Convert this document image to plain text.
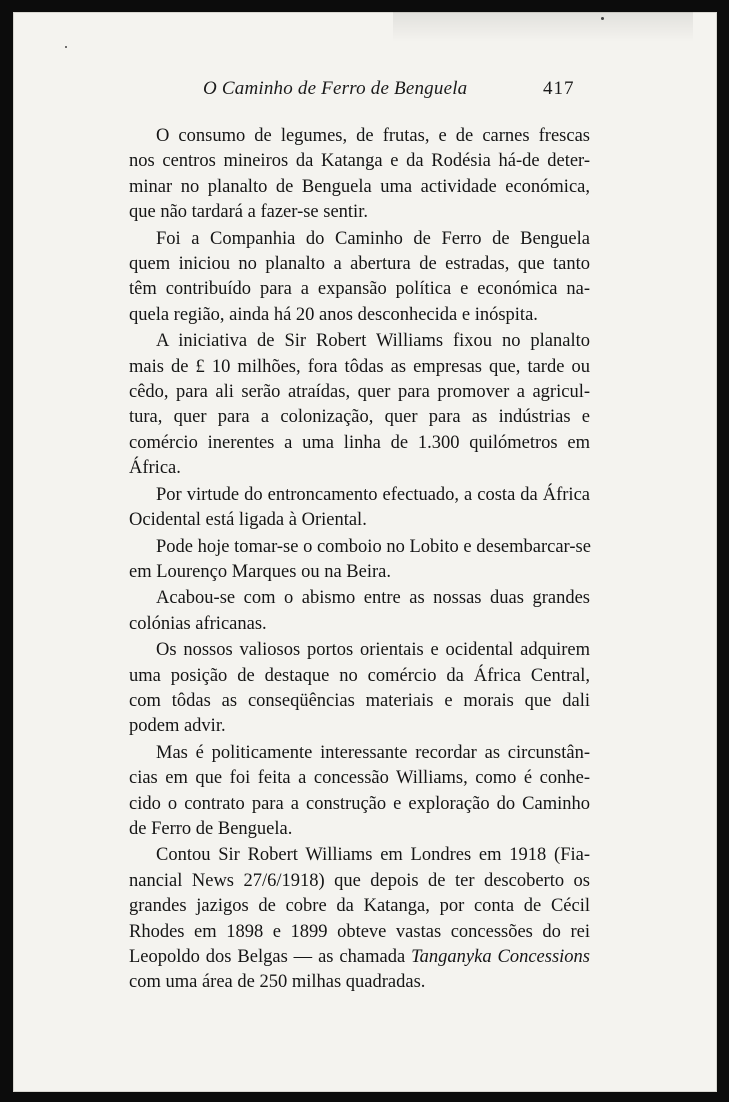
O Caminho de Ferro de Benguela	417

O consumo de legumes, de frutas, e de carnes frescas
nos centros mineiros da Katanga e da Rodésia há-de deter-
minar no planalto de Benguela uma actividade económica,
que não tardará a fazer-se sentir.

Foi a Companhia do Caminho de Ferro de Benguela
quem iniciou no planalto a abertura de estradas, que tanto
têm contribuído para a expansão política e económica na-
quela região, ainda há 20 anos desconhecida e inóspita.

A iniciativa de Sir Robert Williams fixou no planalto
mais de £ 10 milhões, fora tôdas as empresas que, tarde ou
cêdo, para ali serão atraídas, quer para promover a agricul-
tura, quer para a colonização, quer para as indústrias e
comércio inerentes a uma linha de 1.300 quilómetros em
África.

Por virtude do entroncamento efectuado, a costa da África
Ocidental está ligada à Oriental.

Pode hoje tomar-se o comboio no Lobito e desembarcar-se
em Lourenço Marques ou na Beira.

Acabou-se com o abismo entre as nossas duas grandes
colónias africanas.

Os nossos valiosos portos orientais e ocidental adquirem
uma posição de destaque no comércio da África Central,
com tôdas as conseqüências materiais e morais que dali
podem advir.

Mas é politicamente interessante recordar as circunstân-
cias em que foi feita a concessão Williams, como é conhe-
cido o contrato para a construção e exploração do Caminho
de Ferro de Benguela.

Contou Sir Robert Williams em Londres em 1918 (Fia-
nancial News 27/6/1918) que depois de ter descoberto os
grandes jazigos de cobre da Katanga, por conta de Cécil
Rhodes em 1898 e 1899 obteve vastas concessões do rei
Leopoldo dos Belgas — as chamada Tanganyka Concessions
com uma área de 250 milhas quadradas.
